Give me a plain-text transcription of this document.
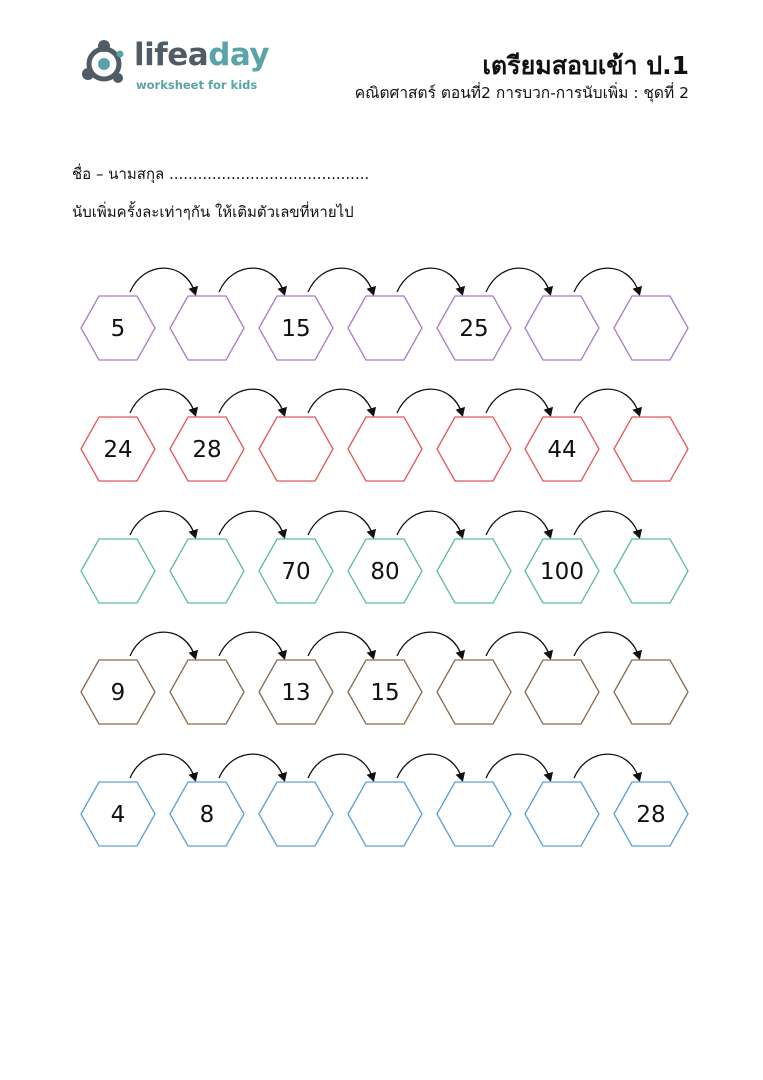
lifeaday
worksheet for kids
เตรียมสอบเข้า ป.1
คณิตศาสตร์ ตอนที่2 การบวก-การนับเพิ่ม : ชุดที่ 2
ชื่อ – นามสกุล ..........................................
นับเพิ่มครั้งละเท่าๆกัน ให้เติมตัวเลขที่หายไป
5	15	25
24	28	44
70	80	100
9	13	15
4	8	28
